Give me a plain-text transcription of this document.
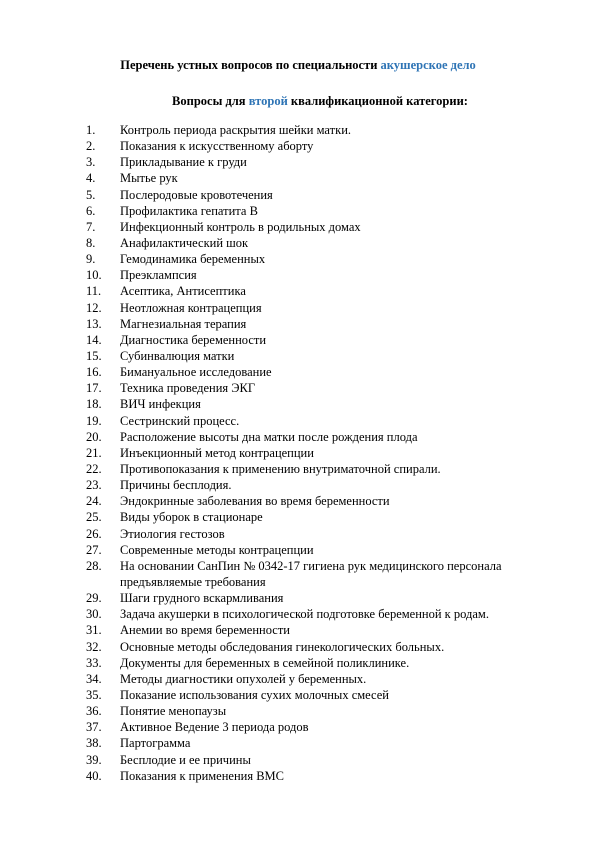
Перечень устных вопросов по специальности акушерское дело
Вопросы для второй квалификационной категории:
1. Контроль периода раскрытия шейки матки.
2. Показания к искусственному аборту
3. Прикладывание к груди
4. Мытье рук
5. Послеродовые кровотечения
6. Профилактика гепатита В
7. Инфекционный контроль в родильных домах
8. Анафилактический шок
9. Гемодинамика беременных
10. Преэклампсия
11. Асептика, Антисептика
12. Неотложная контрацепция
13. Магнезиальная терапия
14. Диагностика беременности
15. Субинвалюция матки
16. Бимануальное исследование
17. Техника проведения ЭКГ
18. ВИЧ инфекция
19. Сестринский процесс.
20. Расположение высоты дна матки после рождения плода
21. Инъекционный метод контрацепции
22. Противопоказания к применению внутриматочной спирали.
23. Причины бесплодия.
24. Эндокринные заболевания во время беременности
25. Виды уборок в стационаре
26. Этиология гестозов
27. Современные методы контрацепции
28. На основании СанПин № 0342-17 гигиена рук медицинского персонала предъявляемые требования
29. Шаги грудного вскармливания
30. Задача акушерки в психологической подготовке беременной к родам.
31. Анемии во время беременности
32. Основные методы обследования гинекологических больных.
33. Документы для беременных в семейной поликлинике.
34. Методы диагностики опухолей у беременных.
35. Показание использования сухих молочных смесей
36. Понятие менопаузы
37. Активное Ведение 3 периода родов
38. Партограмма
39. Бесплодие и ее причины
40. Показания к применения ВМС
